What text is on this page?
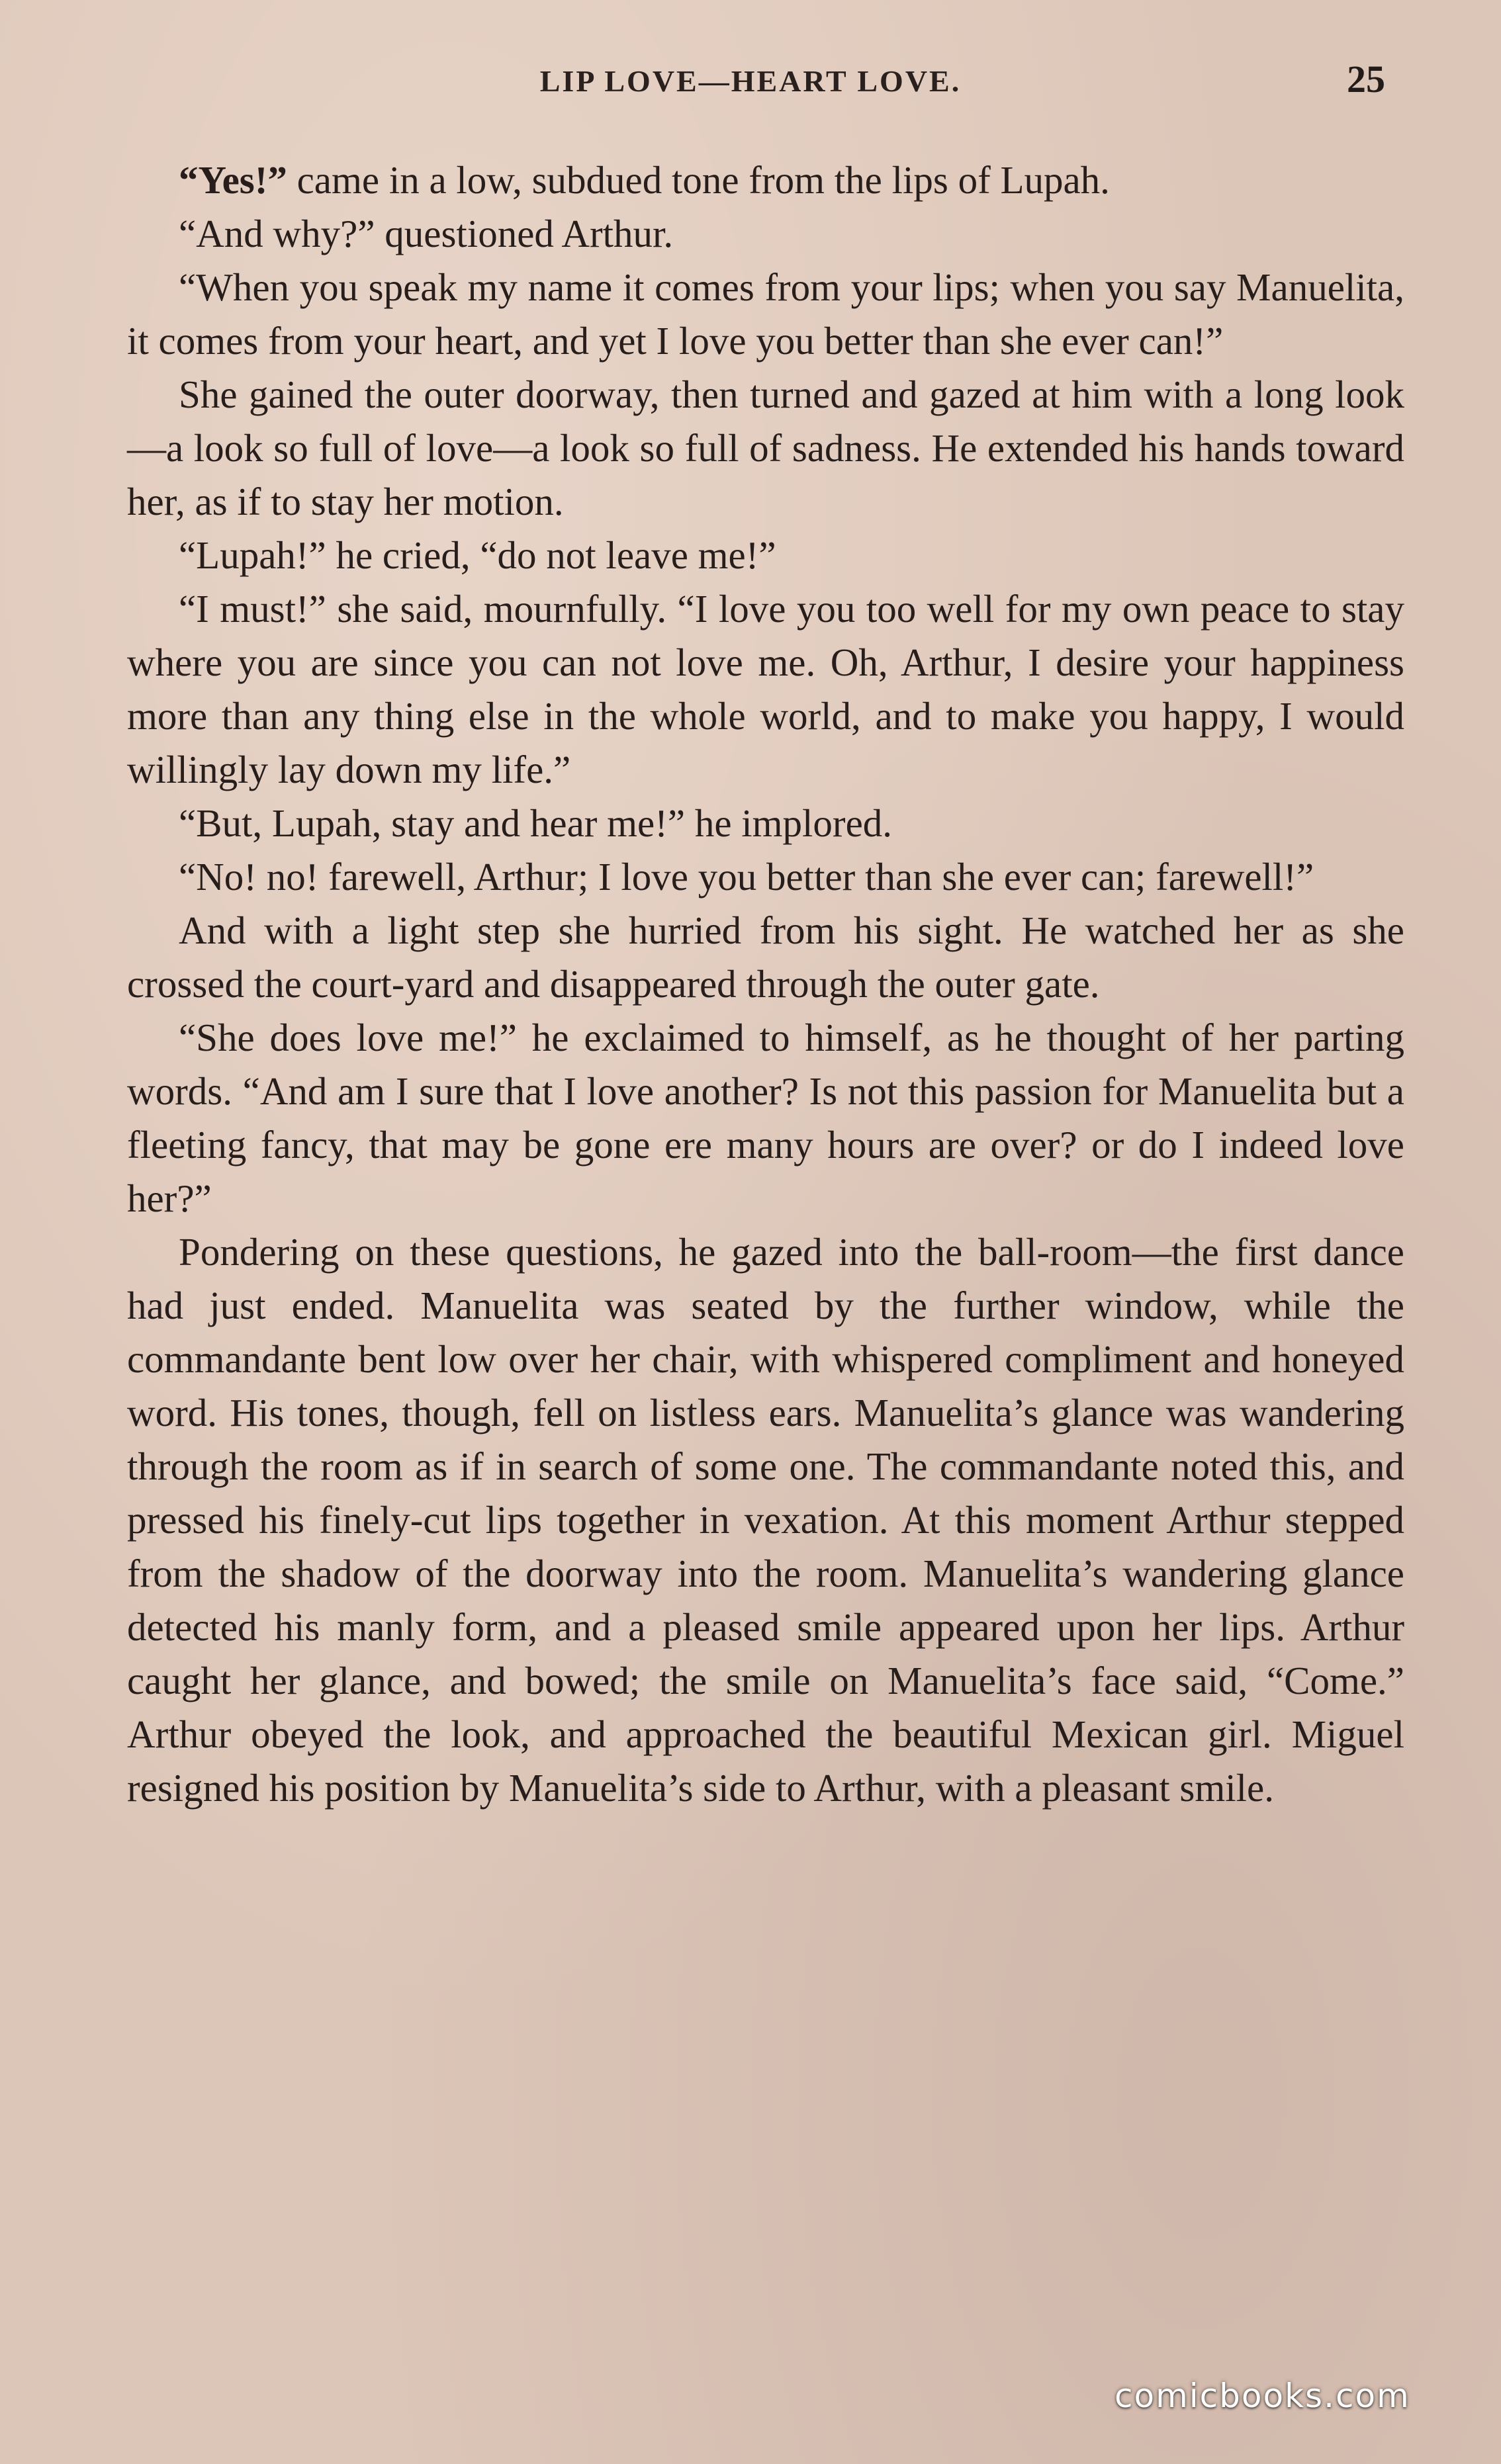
LIP LOVE—HEART LOVE.	25

“Yes!” came in a low, subdued tone from the lips of Lupah.

“And why?” questioned Arthur.

“When you speak my name it comes from your lips; when you say Manuelita, it comes from your heart, and yet I love you better than she ever can!”

She gained the outer doorway, then turned and gazed at him with a long look—a look so full of love—a look so full of sadness. He extended his hands toward her, as if to stay her motion.

“Lupah!” he cried, “do not leave me!”

“I must!” she said, mournfully. “I love you too well for my own peace to stay where you are since you can not love me. Oh, Arthur, I desire your happiness more than any thing else in the whole world, and to make you happy, I would willingly lay down my life.”

“But, Lupah, stay and hear me!” he implored.

“No! no! farewell, Arthur; I love you better than she ever can; farewell!”

And with a light step she hurried from his sight. He watched her as she crossed the court-yard and disappeared through the outer gate.

“She does love me!” he exclaimed to himself, as he thought of her parting words. “And am I sure that I love another? Is not this passion for Manuelita but a fleeting fancy, that may be gone ere many hours are over? or do I indeed love her?”

Pondering on these questions, he gazed into the ball-room—the first dance had just ended. Manuelita was seated by the further window, while the commandante bent low over her chair, with whispered compliment and honeyed word. His tones, though, fell on listless ears. Manuelita’s glance was wandering through the room as if in search of some one. The commandante noted this, and pressed his finely-cut lips together in vexation. At this moment Arthur stepped from the shadow of the doorway into the room. Manuelita’s wandering glance detected his manly form, and a pleased smile appeared upon her lips. Arthur caught her glance, and bowed; the smile on Manuelita’s face said, “Come.” Arthur obeyed the look, and approached the beautiful Mexican girl. Miguel resigned his position by Manuelita’s side to Arthur, with a pleasant smile.

comicbooks.com
